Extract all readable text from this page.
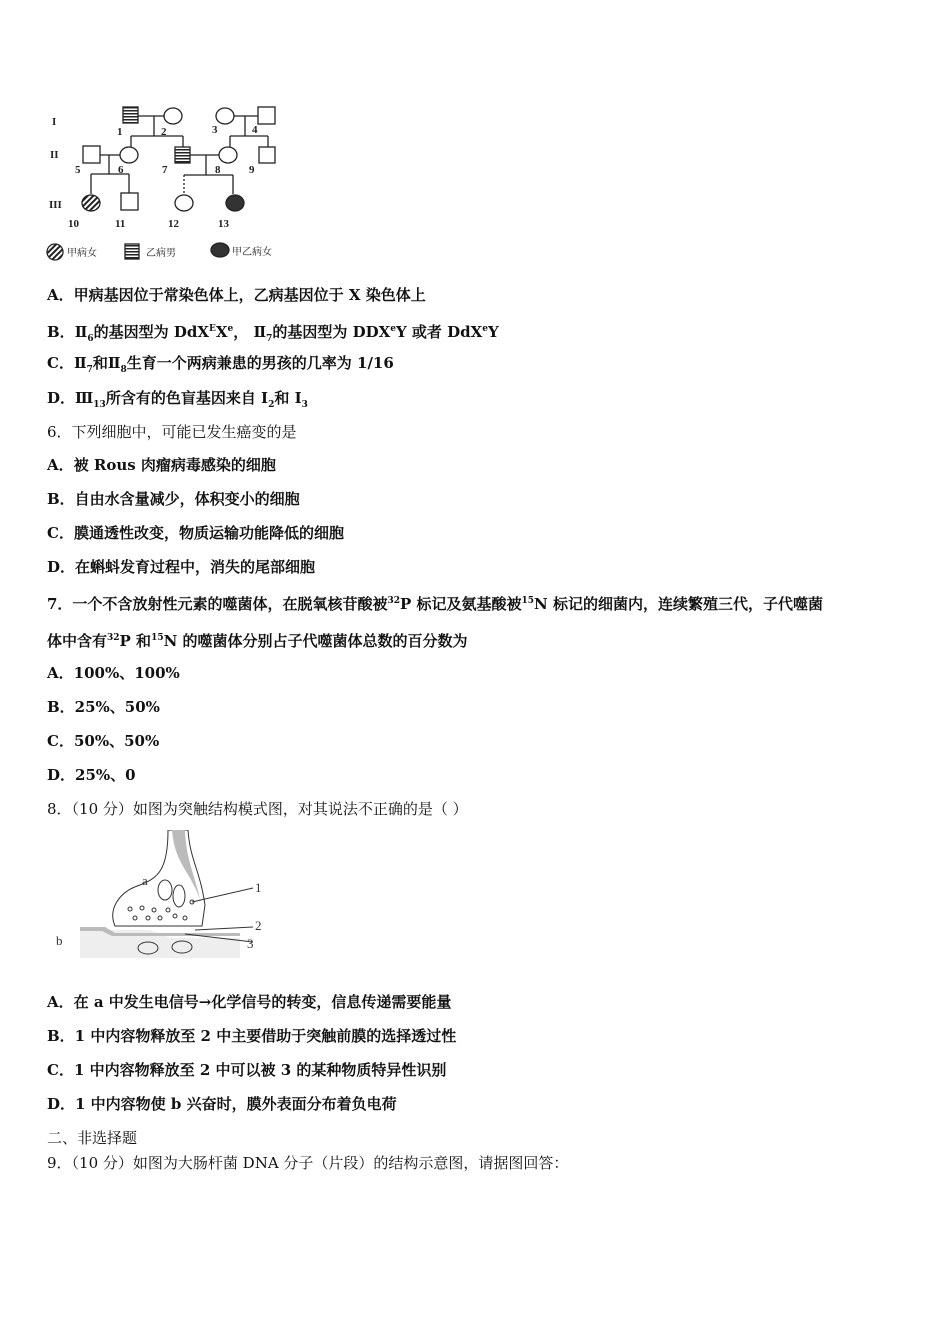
I
II
III
1	2	3	4
5	6	7	8	9
10	11	12	13
甲病女	乙病男	甲乙病女
A．甲病基因位于常染色体上，乙病基因位于 X 染色体上
B．$Ⅱ_6$的基因型为 DdX$^E$Xe， $Ⅱ_7$的基因型为 DDXeY 或者 DdX$^e$Y
C．$Ⅱ_7$和$Ⅱ_8$生育一个两病兼患的男孩的几率为 1/16
D．$Ⅲ_{13}$所含有的色盲基因来自 $I_2$和 $I_3$
6．下列细胞中，可能已发生癌变的是
A．被 Rous 肉瘤病毒感染的细胞
B．自由水含量减少，体积变小的细胞
C．膜通透性改变，物质运输功能降低的细胞
D．在蝌蚪发育过程中，消失的尾部细胞
7．一个不含放射性元素的噬菌体，在脱氧核苷酸被$^{32}$P 标记及氨基酸被$^{15}$N 标记的细菌内，连续繁殖三代，子代噬菌
体中含有$^{32}$P 和$^{15}$N 的噬菌体分别占子代噬菌体总数的百分数为
A．100%、100%
B．25%、50%
C．50%、50%
D．25%、0
8．（10 分）如图为突触结构模式图，对其说法不正确的是（ ）
a
b
1
2
3
A．在 a 中发生电信号→化学信号的转变，信息传递需要能量
B．1 中内容物释放至 2 中主要借助于突触前膜的选择透过性
C．1 中内容物释放至 2 中可以被 3 的某种物质特异性识别
D．1 中内容物使 b 兴奋时，膜外表面分布着负电荷
二、非选择题
9．（10 分）如图为大肠杆菌 DNA 分子（片段）的结构示意图，请据图回答：
